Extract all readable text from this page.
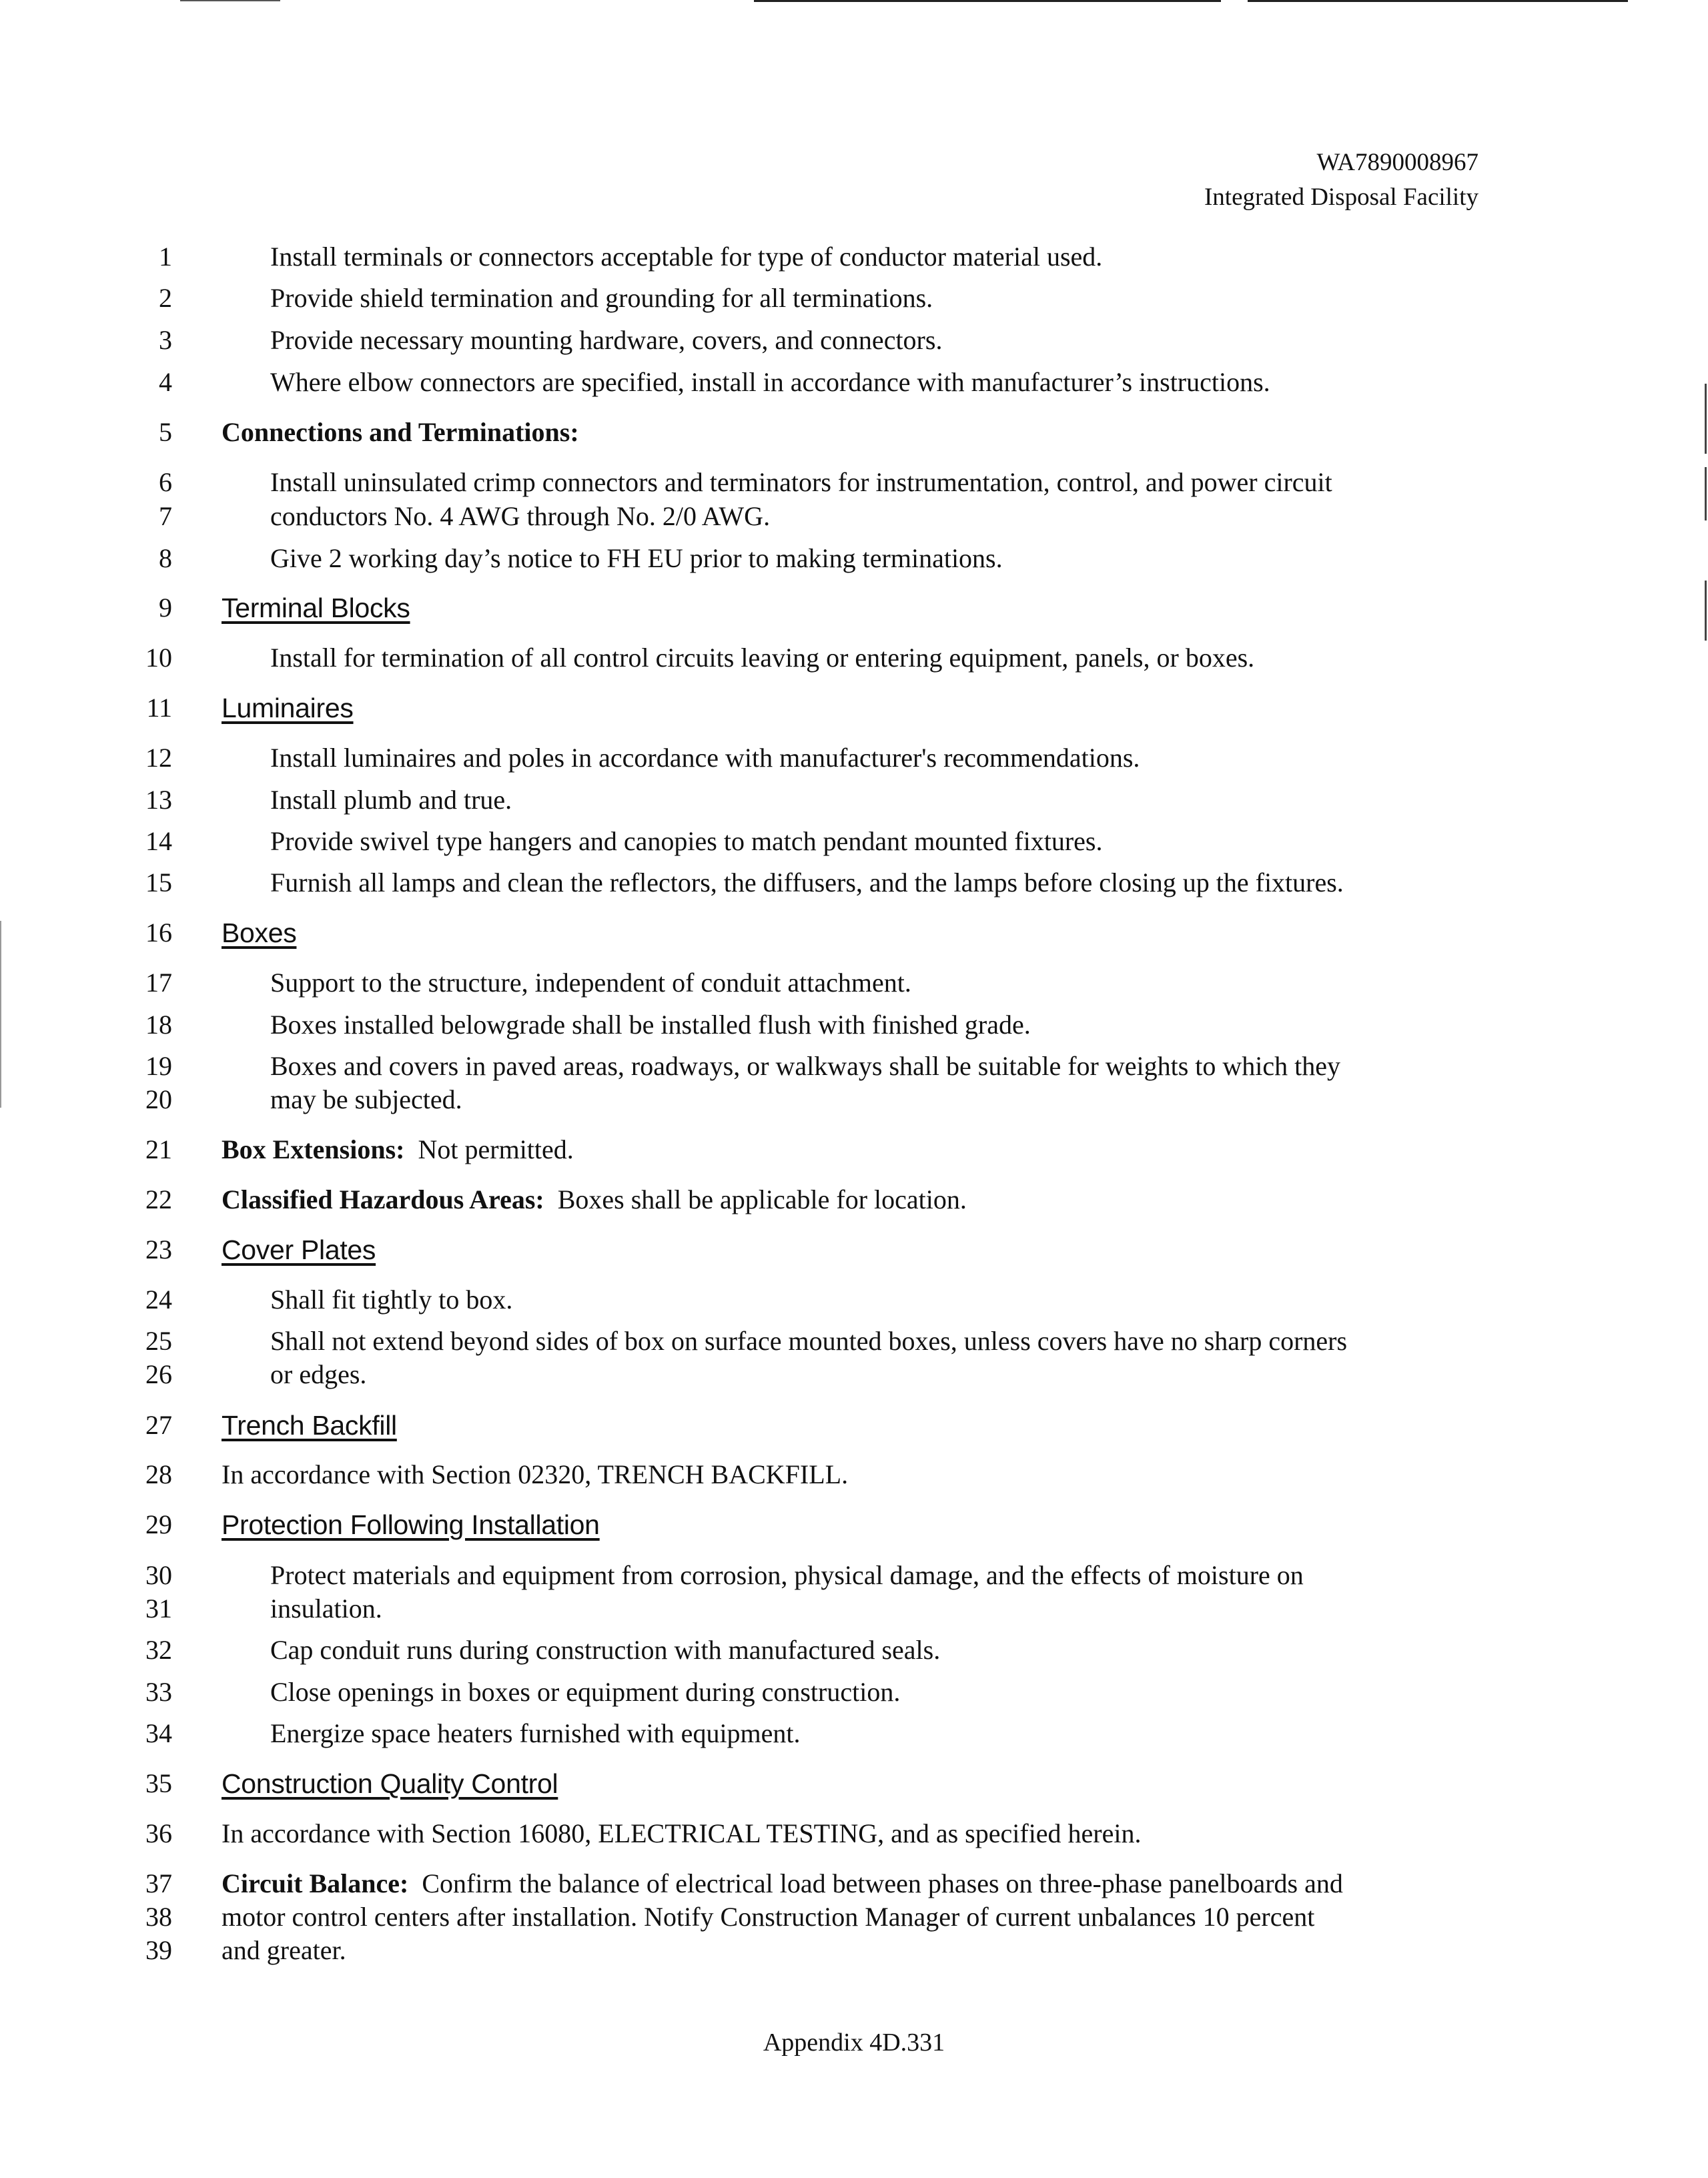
WA7890008967
Integrated Disposal Facility
1	Install terminals or connectors acceptable for type of conductor material used.
2	Provide shield termination and grounding for all terminations.
3	Provide necessary mounting hardware, covers, and connectors.
4	Where elbow connectors are specified, install in accordance with manufacturer’s instructions.
5 Connections and Terminations:
6	Install uninsulated crimp connectors and terminators for instrumentation, control, and power circuit
7	conductors No. 4 AWG through No. 2/0 AWG.
8	Give 2 working day’s notice to FH EU prior to making terminations.
9 Terminal Blocks
10	Install for termination of all control circuits leaving or entering equipment, panels, or boxes.
11 Luminaires
12	Install luminaires and poles in accordance with manufacturer's recommendations.
13	Install plumb and true.
14	Provide swivel type hangers and canopies to match pendant mounted fixtures.
15	Furnish all lamps and clean the reflectors, the diffusers, and the lamps before closing up the fixtures.
16 Boxes
17	Support to the structure, independent of conduit attachment.
18	Boxes installed belowgrade shall be installed flush with finished grade.
19	Boxes and covers in paved areas, roadways, or walkways shall be suitable for weights to which they
20	may be subjected.
21 Box Extensions: Not permitted.
22 Classified Hazardous Areas: Boxes shall be applicable for location.
23 Cover Plates
24	Shall fit tightly to box.
25	Shall not extend beyond sides of box on surface mounted boxes, unless covers have no sharp corners
26	or edges.
27 Trench Backfill
28 In accordance with Section 02320, TRENCH BACKFILL.
29 Protection Following Installation
30	Protect materials and equipment from corrosion, physical damage, and the effects of moisture on
31	insulation.
32	Cap conduit runs during construction with manufactured seals.
33	Close openings in boxes or equipment during construction.
34	Energize space heaters furnished with equipment.
35 Construction Quality Control
36 In accordance with Section 16080, ELECTRICAL TESTING, and as specified herein.
37 Circuit Balance: Confirm the balance of electrical load between phases on three-phase panelboards and
38 motor control centers after installation. Notify Construction Manager of current unbalances 10 percent
39 and greater.
Appendix 4D.331
